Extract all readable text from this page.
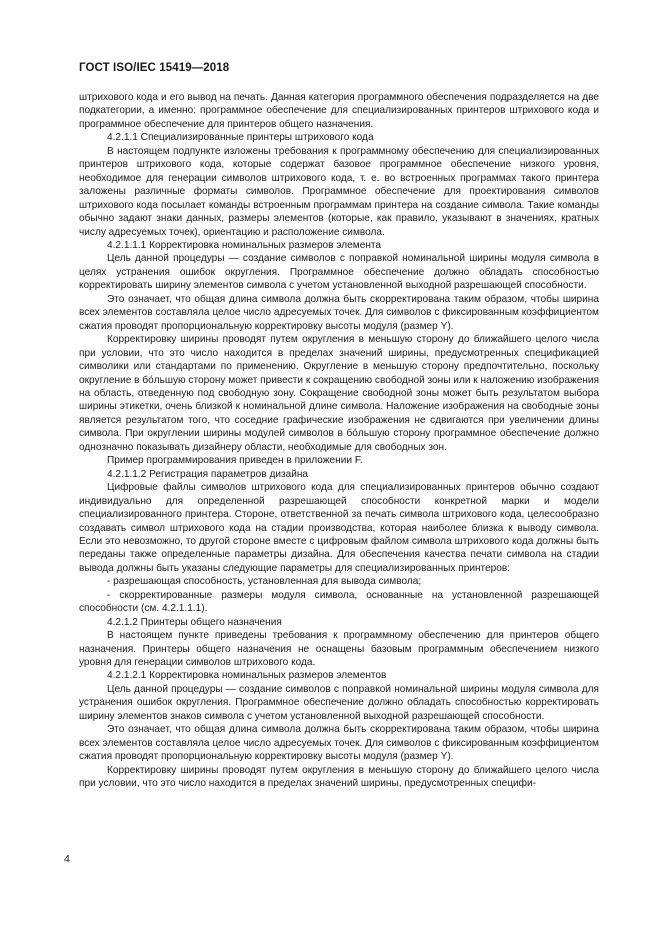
ГОСТ ISO/IEC 15419—2018

штрихового кода и его вывод на печать. Данная категория программного обеспечения подразделяется на две подкатегории, а именно: программное обеспечение для специализированных принтеров штрихового кода и программное обеспечение для принтеров общего назначения.

4.2.1.1 Специализированные принтеры штрихового кода

В настоящем подпункте изложены требования к программному обеспечению для специализированных принтеров штрихового кода, которые содержат базовое программное обеспечение низкого уровня, необходимое для генерации символов штрихового кода, т. е. во встроенных программах такого принтера заложены различные форматы символов. Программное обеспечение для проектирования символов штрихового кода посылает команды встроенным программам принтера на создание символа. Такие команды обычно задают знаки данных, размеры элементов (которые, как правило, указывают в значениях, кратных числу адресуемых точек), ориентацию и расположение символа.

4.2.1.1.1 Корректировка номинальных размеров элемента

Цель данной процедуры — создание символов с поправкой номинальной ширины модуля символа в целях устранения ошибок округления. Программное обеспечение должно обладать способностью корректировать ширину элементов символа с учетом установленной выходной разрешающей способности.

Это означает, что общая длина символа должна быть скорректирована таким образом, чтобы ширина всех элементов составляла целое число адресуемых точек. Для символов с фиксированным коэффициентом сжатия проводят пропорциональную корректировку высоты модуля (размер Y).

Корректировку ширины проводят путем округления в меньшую сторону до ближайшего целого числа при условии, что это число находится в пределах значений ширины, предусмотренных спецификацией символики или стандартами по применению. Округление в меньшую сторону предпочтительно, поскольку округление в бо́льшую сторону может привести к сокращению свободной зоны или к наложению изображения на область, отведенную под свободную зону. Сокращение свободной зоны может быть результатом выбора ширины этикетки, очень близкой к номинальной длине символа. Наложение изображения на свободные зоны является результатом того, что соседние графические изображения не сдвигаются при увеличении длины символа. При округлении ширины модулей символов в бо́льшую сторону программное обеспечение должно однозначно показывать дизайнеру области, необходимые для свободных зон.

Пример программирования приведен в приложении F.

4.2.1.1.2 Регистрация параметров дизайна

Цифровые файлы символов штрихового кода для специализированных принтеров обычно создают индивидуально для определенной разрешающей способности конкретной марки и модели специализированного принтера. Стороне, ответственной за печать символа штрихового кода, целесообразно создавать символ штрихового кода на стадии производства, которая наиболее близка к выводу символа. Если это невозможно, то другой стороне вместе с цифровым файлом символа штрихового кода должны быть переданы также определенные параметры дизайна. Для обеспечения качества печати символа на стадии вывода должны быть указаны следующие параметры для специализированных принтеров:

- разрешающая способность, установленная для вывода символа;

- скорректированные размеры модуля символа, основанные на установленной разрешающей способности (см. 4.2.1.1.1).

4.2.1.2 Принтеры общего назначения

В настоящем пункте приведены требования к программному обеспечению для принтеров общего назначения. Принтеры общего назначения не оснащены базовым программным обеспечением низкого уровня для генерации символов штрихового кода.

4.2.1.2.1 Корректировка номинальных размеров элементов

Цель данной процедуры — создание символов с поправкой номинальной ширины модуля символа для устранения ошибок округления. Программное обеспечение должно обладать способностью корректировать ширину элементов знаков символа с учетом установленной выходной разрешающей способности.

Это означает, что общая длина символа должна быть скорректирована таким образом, чтобы ширина всех элементов составляла целое число адресуемых точек. Для символов с фиксированным коэффициентом сжатия проводят пропорциональную корректировку высоты модуля (размер Y).

Корректировку ширины проводят путем округления в меньшую сторону до ближайшего целого числа при условии, что это число находится в пределах значений ширины, предусмотренных специфи-

4
